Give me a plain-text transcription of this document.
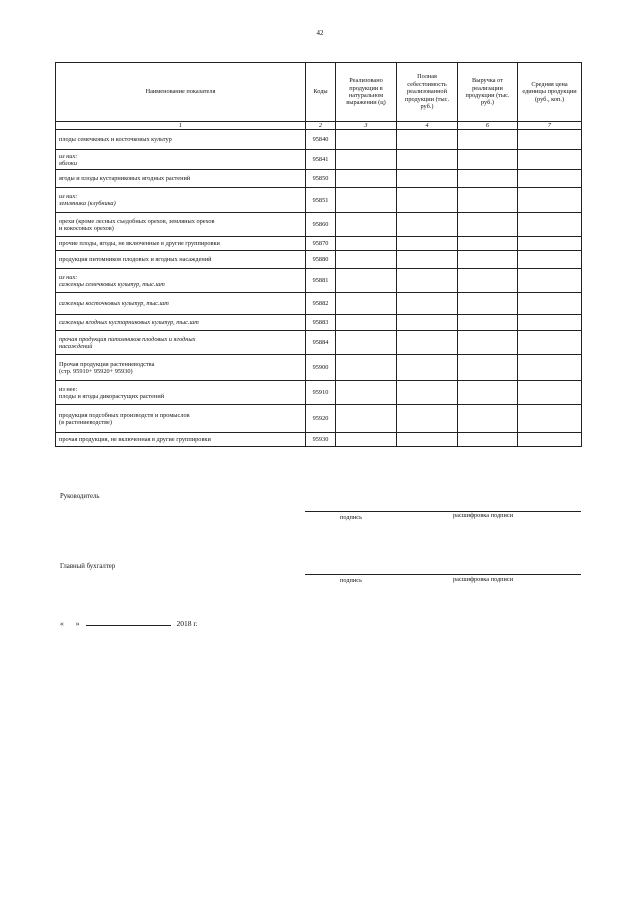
42
Наименование показателя	Коды	Реализовано продукции в натуральном выражении (ц)	Полная себестоимость реализованной продукции (тыс. руб.)	Выручка от реализации продукции (тыс. руб.)	Средняя цена единицы продукции (руб., коп.)
1	2	3	4	6	7
плоды семечковых и косточковых культур	95840				
из них:
яблоки	95841				
ягоды и плоды кустарниковых ягодных растений	95850				
из них:
земляника (клубника)	95851				
орехи (кроме лесных съедобных орехов, земляных орехов
и кокосовых орехов)	95860				
прочие плоды, ягоды, не включенные в другие группировки	95870				
продукция питомников плодовых и ягодных насаждений	95880				
из них:
саженцы семечковых культур, тыс.шт	95881				
саженцы косточковых культур, тыс.шт	95882				
саженцы ягодных кустарниковых культур, тыс.шт	95883				
прочая продукция питомников плодовых и ягодных
насаждений	95884				
Прочая продукция растениеводства
(стр. 95910+ 95920+ 95930)	95900				
из нее:
плоды и ягоды дикорастущих растений	95910				
продукция подсобных производств и промыслов
(в растениеводстве)	95920				
прочая продукция, не включенная в другие группировки	95930				
Руководитель
подпись	расшифровка подписи
Главный бухгалтер
подпись	расшифровка подписи
« »	2018 г.
